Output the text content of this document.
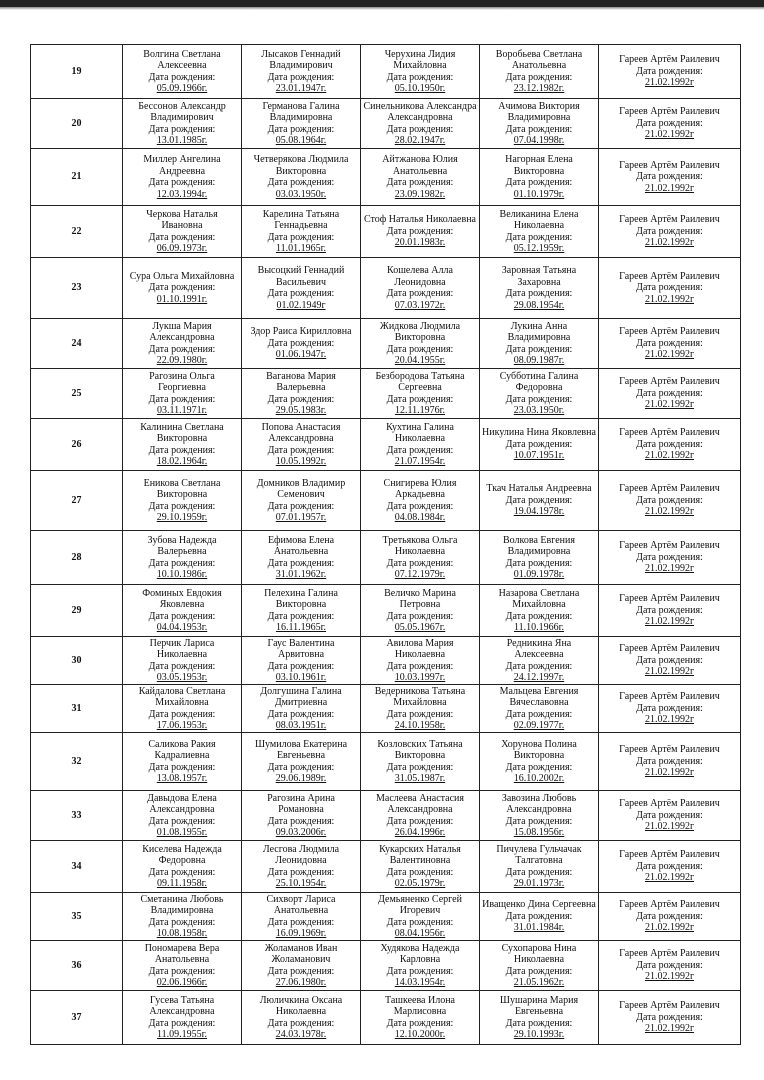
19	Волгина Светлана Алексеевна
Дата рождения:
05.09.1966г.	Лысаков Геннадий Владимирович
Дата рождения:
23.01.1947г.	Черухина Лидия Михайловна
Дата рождения:
05.10.1950г.	Воробьева Светлана Анатольевна
Дата рождения:
23.12.1982г.	Гареев Артём Раилевич
Дата рождения:
21.02.1992г

20	Бессонов Александр Владимирович
Дата рождения:
13.01.1985г.	Германова Галина Владимировна
Дата рождения:
05.08.1964г.	Синельникова Александра Александровна
Дата рождения:
28.02.1947г.	Ачимова Виктория Владимировна
Дата рождения:
07.04.1998г.	Гареев Артём Раилевич
Дата рождения:
21.02.1992г

21	Миллер Ангелина Андреевна
Дата рождения:
12.03.1994г.	Четверякова Людмила Викторовна
Дата рождения:
03.03.1950г.	Айтжанова Юлия Анатольевна
Дата рождения:
23.09.1982г.	Нагорная Елена Викторовна
Дата рождения:
01.10.1979г.	Гареев Артём Раилевич
Дата рождения:
21.02.1992г

22	Черкова Наталья Ивановна
Дата рождения:
06.09.1973г.	Карелина Татьяна Геннадьевна
Дата рождения:
11.01.1965г.	Стоф Наталья Николаевна
Дата рождения:
20.01.1983г.	Великанина Елена Николаевна
Дата рождения:
05.12.1959г.	Гареев Артём Раилевич
Дата рождения:
21.02.1992г

23	Сура Ольга Михайловна
Дата рождения:
01.10.1991г.	Высоцкий Геннадий Васильевич
Дата рождения:
01.02.1949г	Кошелева Алла Леонидовна
Дата рождения:
07.03.1972г.	Заровная Татьяна Захаровна
Дата рождения:
29.08.1954г.	Гареев Артём Раилевич
Дата рождения:
21.02.1992г

24	Лукша Мария Александровна
Дата рождения:
22.09.1980г.	Здор Раиса Кирилловна
Дата рождения:
01.06.1947г.	Жидкова Людмила Викторовна
Дата рождения:
20.04.1955г.	Лукина Анна Владимировна
Дата рождения:
08.09.1987г.	Гареев Артём Раилевич
Дата рождения:
21.02.1992г

25	Рагозина Ольга Георгиевна
Дата рождения:
03.11.1971г.	Ваганова Мария Валерьевна
Дата рождения:
29.05.1983г.	Безбородова Татьяна Сергеевна
Дата рождения:
12.11.1976г.	Субботина Галина Федоровна
Дата рождения:
23.03.1950г.	Гареев Артём Раилевич
Дата рождения:
21.02.1992г

26	Калинина Светлана Викторовна
Дата рождения:
18.02.1964г.	Попова Анастасия Александровна
Дата рождения:
10.05.1992г.	Кухтина Галина Николаевна
Дата рождения:
21.07.1954г.	Никулина Нина Яковлевна
Дата рождения:
10.07.1951г.	Гареев Артём Раилевич
Дата рождения:
21.02.1992г

27	Еникова Светлана Викторовна
Дата рождения:
29.10.1959г.	Домников Владимир Семенович
Дата рождения:
07.01.1957г.	Снигирева Юлия Аркадьевна
Дата рождения:
04.08.1984г.	Ткач Наталья Андреевна
Дата рождения:
19.04.1978г.	Гареев Артём Раилевич
Дата рождения:
21.02.1992г

28	Зубова Надежда Валерьевна
Дата рождения:
10.10.1986г.	Ефимова Елена Анатольевна
Дата рождения:
31.01.1962г.	Третьякова Ольга Николаевна
Дата рождения:
07.12.1979г.	Волкова Евгения Владимировна
Дата рождения:
01.09.1978г.	Гареев Артём Раилевич
Дата рождения:
21.02.1992г

29	Фоминых Евдокия Яковлевна
Дата рождения:
04.04.1953г.	Пелехина Галина Викторовна
Дата рождения:
16.11.1965г.	Величко Марина Петровна
Дата рождения:
05.05.1967г.	Назарова Светлана Михайловна
Дата рождения:
11.10.1966г.	Гареев Артём Раилевич
Дата рождения:
21.02.1992г

30	Перчик Лариса Николаевна
Дата рождения:
03.05.1953г.	Гаус Валентина Арвитовна
Дата рождения:
03.10.1961г.	Авилова Мария Николаевна
Дата рождения:
10.03.1997г.	Редникина Яна Алексеевна
Дата рождения:
24.12.1997г.	Гареев Артём Раилевич
Дата рождения:
21.02.1992г

31	Кайдалова Светлана Михайловна
Дата рождения:
17.06.1953г.	Долгушина Галина Дмитриевна
Дата рождения:
08.03.1951г.	Ведерникова Татьяна Михайловна
Дата рождения:
24.10.1958г.	Мальцева Евгения Вячеславовна
Дата рождения:
02.09.1977г.	Гареев Артём Раилевич
Дата рождения:
21.02.1992г

32	Саликова Ракия Кадралиевна
Дата рождения:
13.08.1957г.	Шумилова Екатерина Евгеньевна
Дата рождения:
29.06.1989г.	Козловских Татьяна Викторовна
Дата рождения:
31.05.1987г.	Хорунова Полина Викторовна
Дата рождения:
16.10.2002г.	Гареев Артём Раилевич
Дата рождения:
21.02.1992г

33	Давыдова Елена Александровна
Дата рождения:
01.08.1955г.	Рагозина Арина Романовна
Дата рождения:
09.03.2006г.	Маслеева Анастасия Александровна
Дата рождения:
26.04.1996г.	Завозина Любовь Александровна
Дата рождения:
15.08.1956г.	Гареев Артём Раилевич
Дата рождения:
21.02.1992г

34	Киселева Надежда Федоровна
Дата рождения:
09.11.1958г.	Лесгова Людмила Леонидовна
Дата рождения:
25.10.1954г.	Кукарских Наталья Валентиновна
Дата рождения:
02.05.1979г.	Пичулева Гульчачак Талгатовна
Дата рождения:
29.01.1973г.	Гареев Артём Раилевич
Дата рождения:
21.02.1992г

35	Сметанина Любовь Владимировна
Дата рождения:
10.08.1958г.	Сихворт Лариса Анатольевна
Дата рождения:
16.09.1969г.	Демьяненко Сергей Игоревич
Дата рождения:
08.04.1956г.	Иващенко Дина Сергеевна
Дата рождения:
31.01.1984г.	Гареев Артём Раилевич
Дата рождения:
21.02.1992г

36	Пономарева Вера Анатольевна
Дата рождения:
02.06.1966г.	Жоламанов Иван Жоламанович
Дата рождения:
27.06.1980г.	Худякова Надежда Карловна
Дата рождения:
14.03.1954г.	Сухопарова Нина Николаевна
Дата рождения:
21.05.1962г.	Гареев Артём Раилевич
Дата рождения:
21.02.1992г

37	Гусева Татьяна Александровна
Дата рождения:
11.09.1955г.	Люличкина Оксана Николаевна
Дата рождения:
24.03.1978г.	Ташкеева Илона Марлисовна
Дата рождения:
12.10.2000г.	Шушарина Мария Евгеньевна
Дата рождения:
29.10.1993г.	Гареев Артём Раилевич
Дата рождения:
21.02.1992г
